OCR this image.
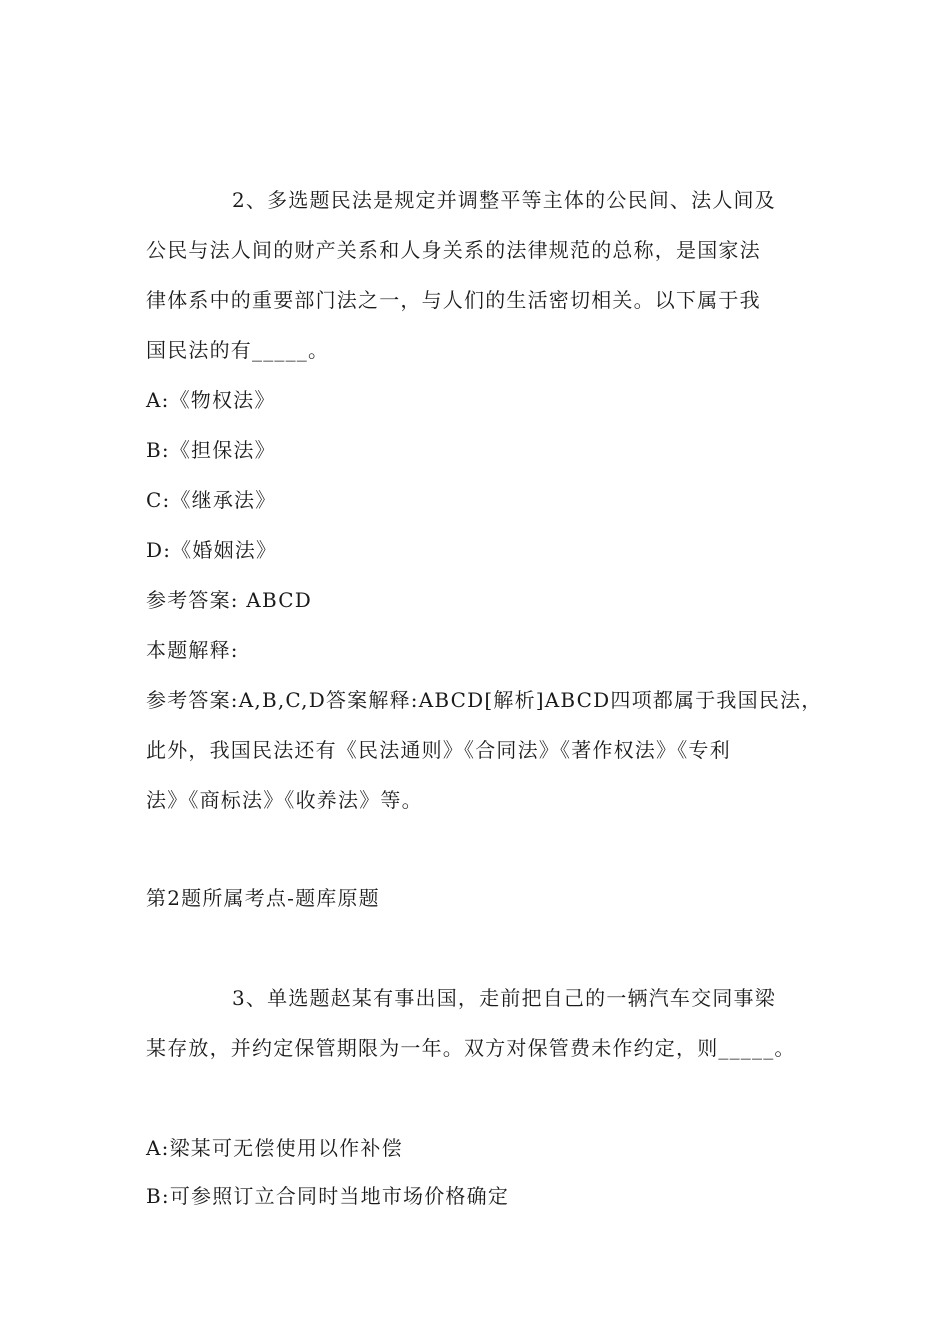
2、多选题民法是规定并调整平等主体的公民间、法人间及

公民与法人间的财产关系和人身关系的法律规范的总称，是国家法

律体系中的重要部门法之一，与人们的生活密切相关。以下属于我

国民法的有_____。

A:《物权法》

B:《担保法》

C:《继承法》

D:《婚姻法》

参考答案: ABCD

本题解释:

参考答案:A,B,C,D答案解释:ABCD[解析]ABCD四项都属于我国民法，

此外，我国民法还有《民法通则》《合同法》《著作权法》《专利

法》《商标法》《收养法》等。

第2题所属考点-题库原题

3、单选题赵某有事出国，走前把自己的一辆汽车交同事梁

某存放，并约定保管期限为一年。双方对保管费未作约定，则_____。

A:梁某可无偿使用以作补偿

B:可参照订立合同时当地市场价格确定
